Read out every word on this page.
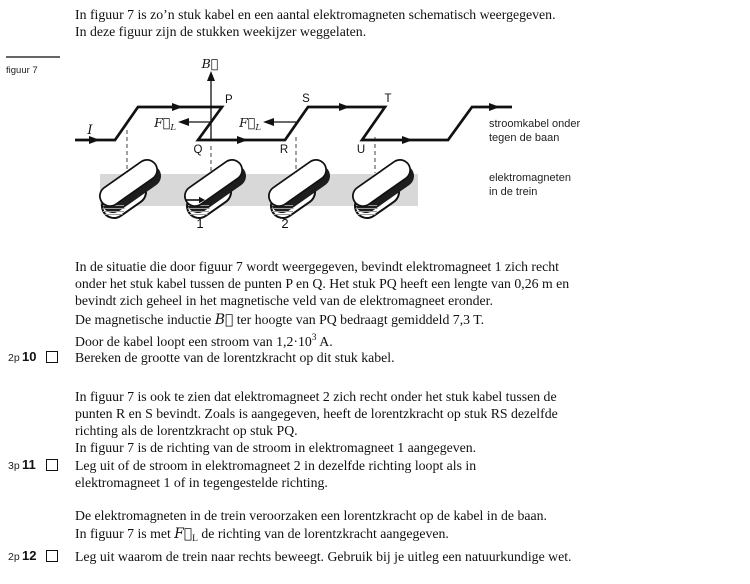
In figuur 7 is zo’n stuk kabel en een aantal elektromagneten schematisch weergegeven.
In deze figuur zijn de stukken weekijzer weggelaten.
figuur 7
1	2
B⃗
$F⃗_L$	$F⃗_L$
I
P
Q	R
S	T
U
stroomkabel onder
tegen de baan
elektromagneten
in de trein
In de situatie die door figuur 7 wordt weergegeven, bevindt elektromagneet 1 zich recht
onder het stuk kabel tussen de punten P en Q. Het stuk PQ heeft een lengte van 0,26 m en
bevindt zich geheel in het magnetische veld van de elektromagneet eronder.
De magnetische inductie B⃗ ter hoogte van PQ bedraagt gemiddeld 7,3 T.
Door de kabel loopt een stroom van $1,2\cdot 10^3$ A.
2p 10	Bereken de grootte van de lorentzkracht op dit stuk kabel.
In figuur 7 is ook te zien dat elektromagneet 2 zich recht onder het stuk kabel tussen de
punten R en S bevindt. Zoals is aangegeven, heeft de lorentzkracht op stuk RS dezelfde
richting als de lorentzkracht op stuk PQ.
In figuur 7 is de richting van de stroom in elektromagneet 1 aangegeven.
3p 11	Leg uit of de stroom in elektromagneet 2 in dezelfde richting loopt als in
elektromagneet 1 of in tegengestelde richting.
De elektromagneten in de trein veroorzaken een lorentzkracht op de kabel in de baan.
In figuur 7 is met $F⃗_L$ de richting van de lorentzkracht aangegeven.
2p 12	Leg uit waarom de trein naar rechts beweegt. Gebruik bij je uitleg een natuurkundige wet.
